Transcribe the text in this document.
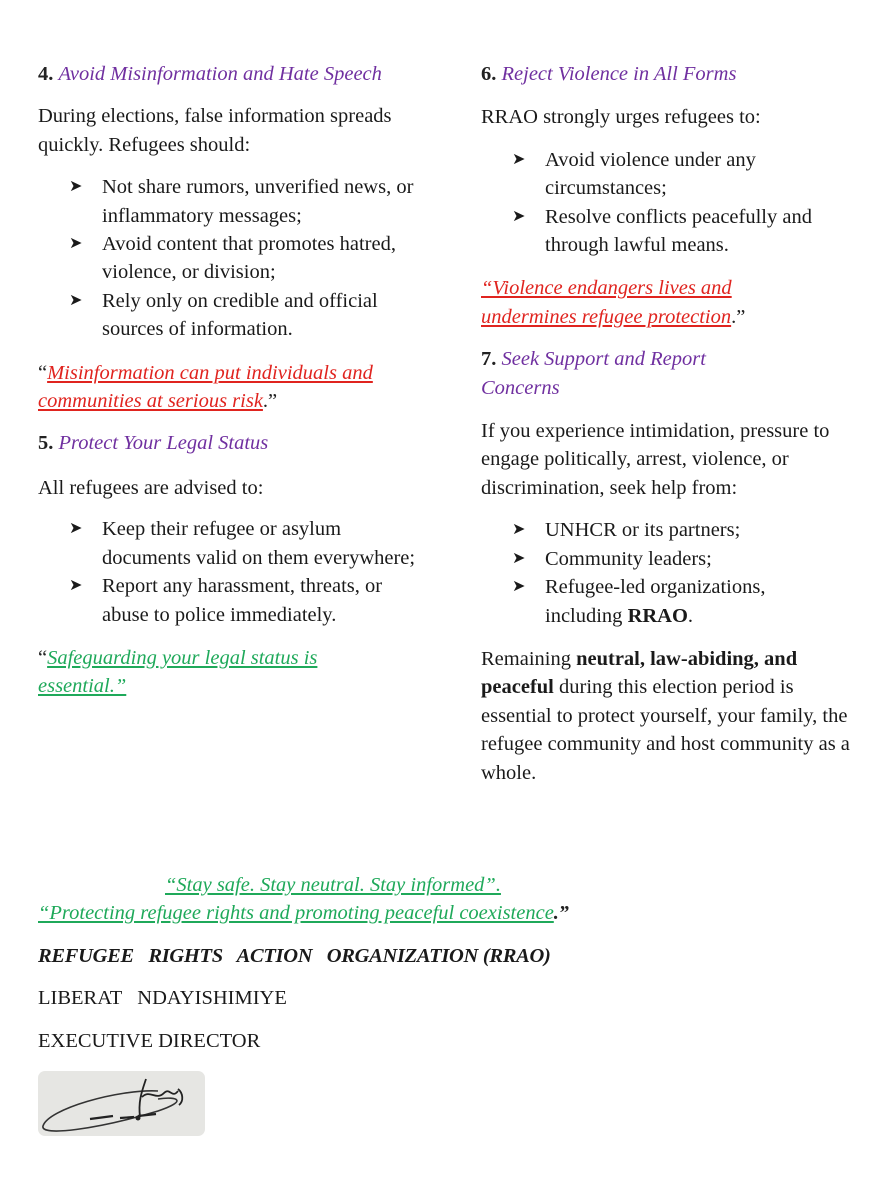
4. Avoid Misinformation and Hate Speech

During elections, false information spreads quickly. Refugees should:

➤ Not share rumors, unverified news, or inflammatory messages;
➤ Avoid content that promotes hatred, violence, or division;
➤ Rely only on credible and official sources of information.

“Misinformation can put individuals and communities at serious risk.”

5. Protect Your Legal Status

All refugees are advised to:

➤ Keep their refugee or asylum documents valid on them everywhere;
➤ Report any harassment, threats, or abuse to police immediately.

“Safeguarding your legal status is essential.”

6. Reject Violence in All Forms

RRAO strongly urges refugees to:

➤ Avoid violence under any circumstances;
➤ Resolve conflicts peacefully and through lawful means.

“Violence endangers lives and undermines refugee protection.”

7. Seek Support and Report Concerns

If you experience intimidation, pressure to engage politically, arrest, violence, or discrimination, seek help from:

➤ UNHCR or its partners;
➤ Community leaders;
➤ Refugee-led organizations, including RRAO.

Remaining neutral, law-abiding, and peaceful during this election period is essential to protect yourself, your family, the refugee community and host community as a whole.

“Stay safe. Stay neutral. Stay informed”.
“Protecting refugee rights and promoting peaceful coexistence.”
REFUGEE   RIGHTS   ACTION   ORGANIZATION (RRAO)
LIBERAT   NDAYISHIMIYE
EXECUTIVE DIRECTOR
